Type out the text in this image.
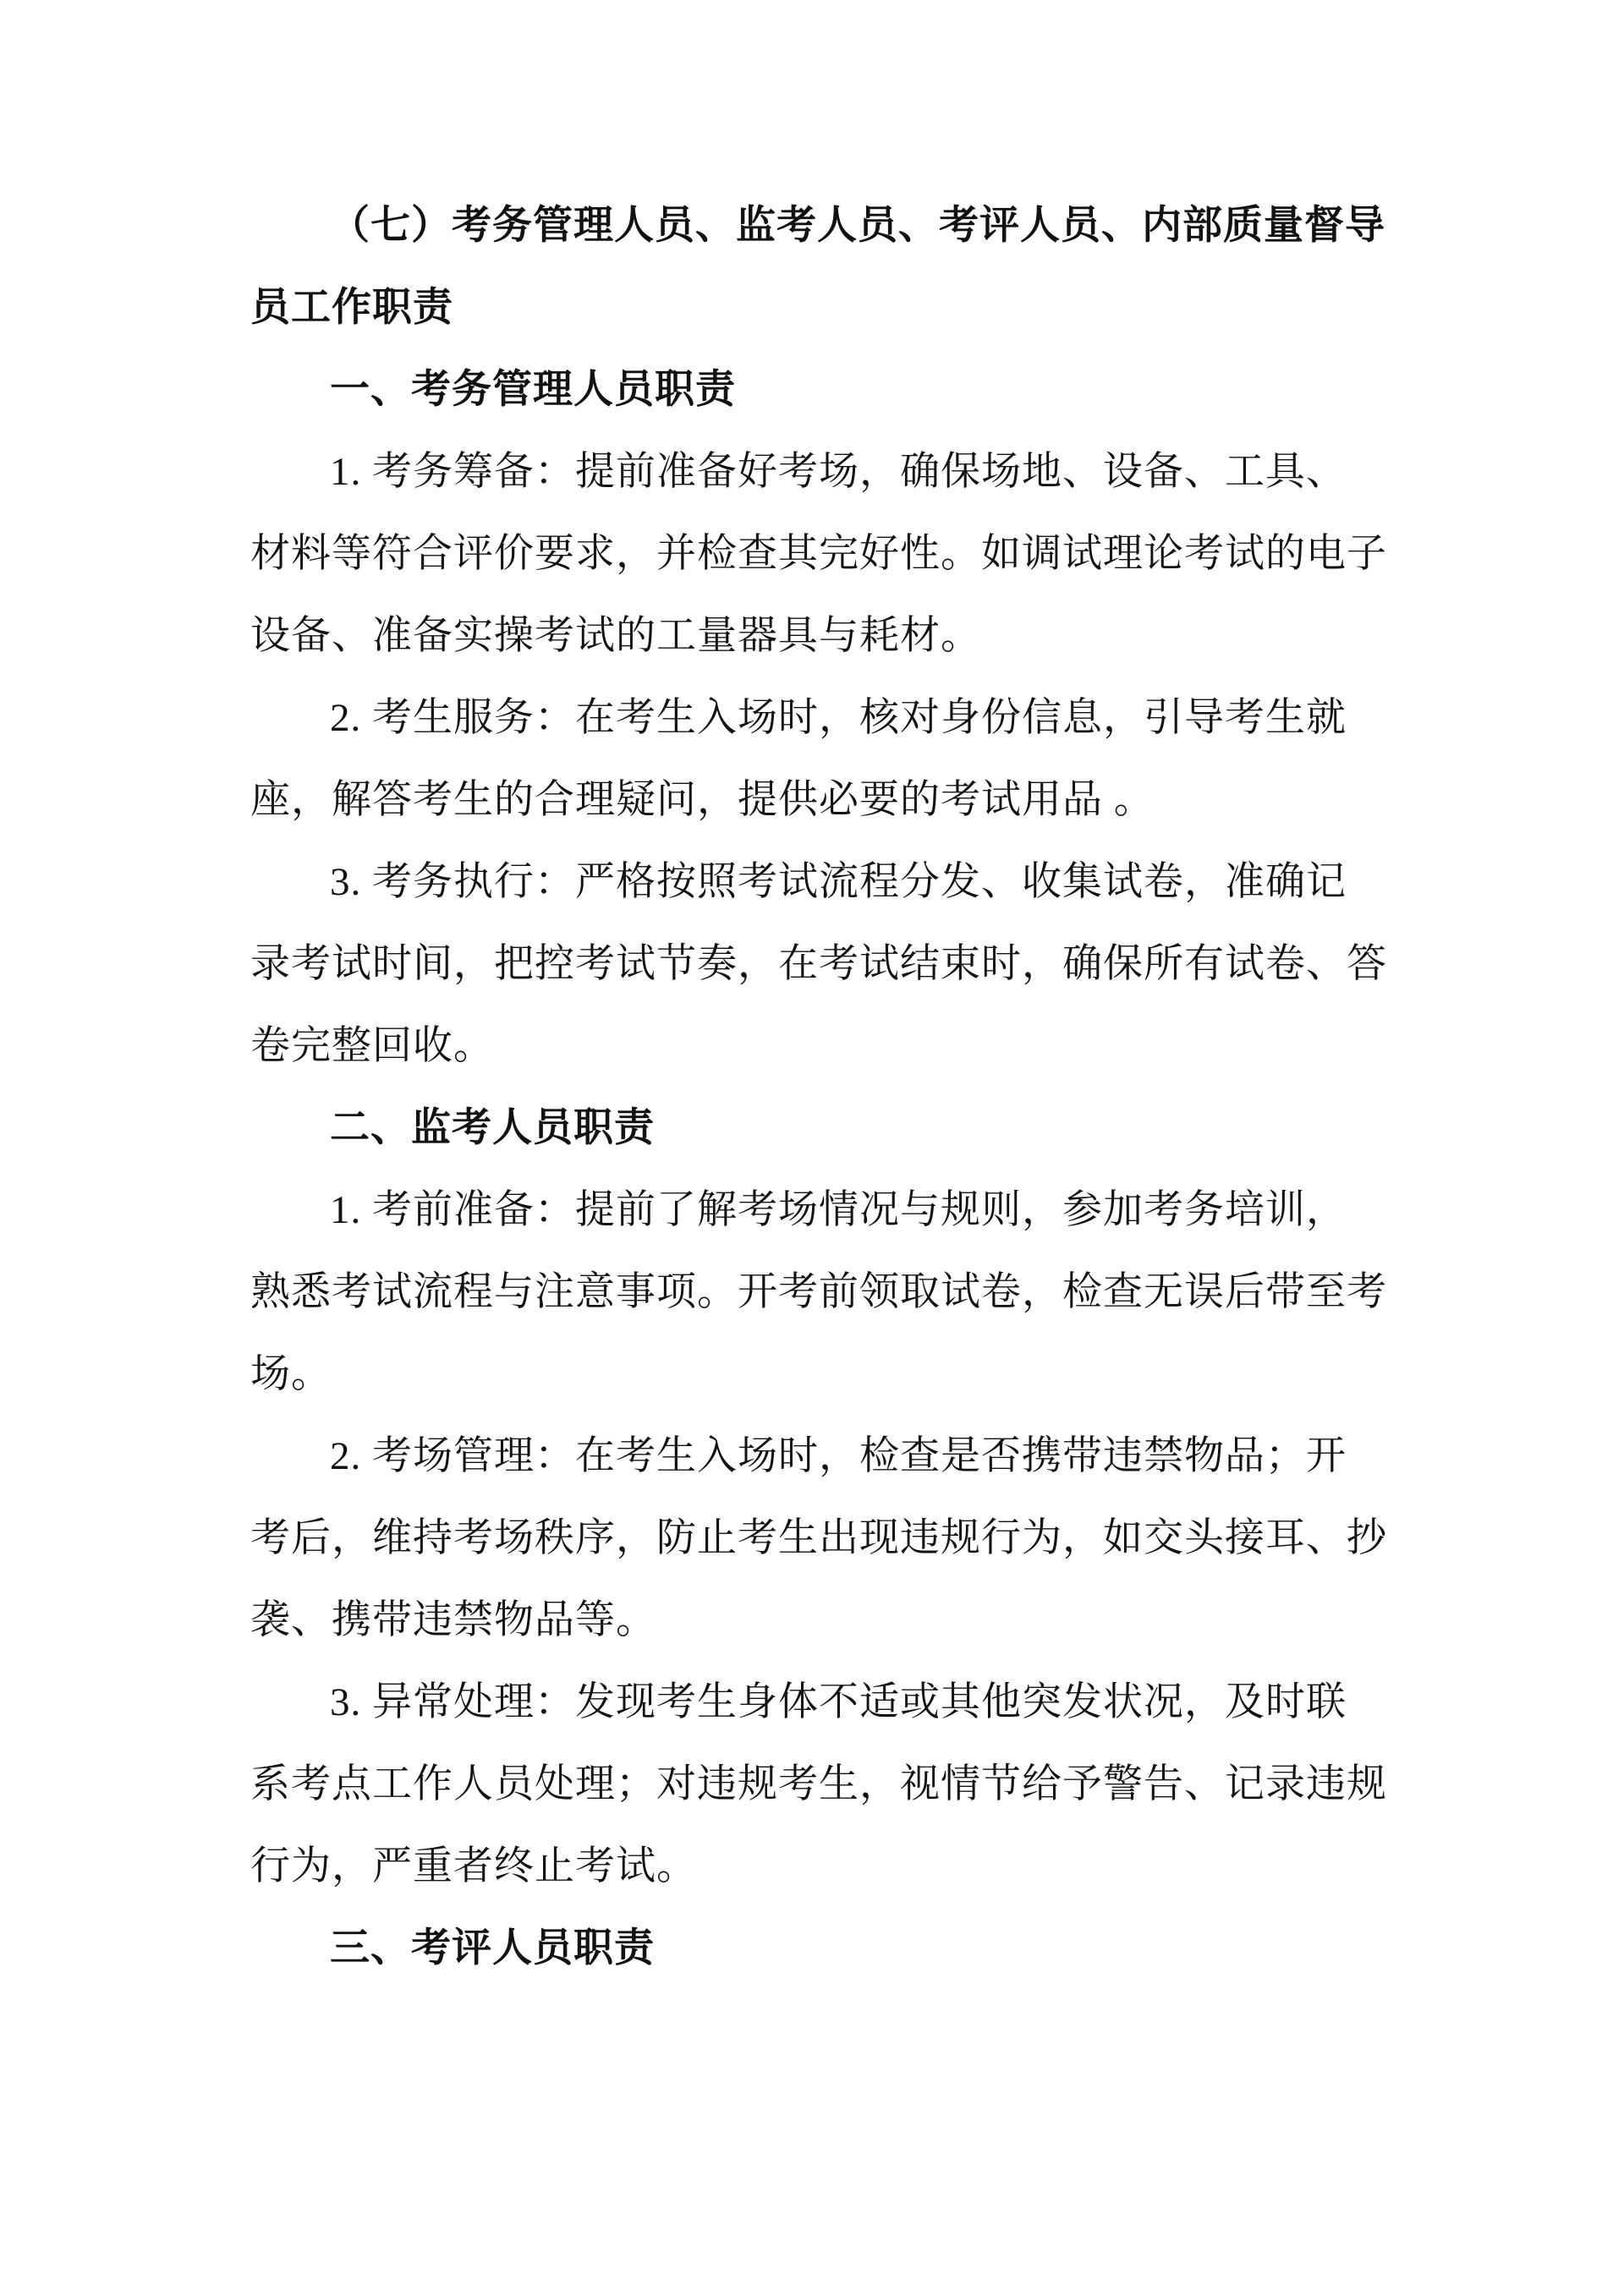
（七）考务管理人员、监考人员、考评人员、内部质量督导
员工作职责
一、考务管理人员职责
1. 考务筹备：提前准备好考场，确保场地、设备、工具、
材料等符合评价要求，并检查其完好性。如调试理论考试的电子
设备、准备实操考试的工量器具与耗材。
2. 考生服务：在考生入场时，核对身份信息，引导考生就
座，解答考生的合理疑问，提供必要的考试用品 。
3. 考务执行：严格按照考试流程分发、收集试卷，准确记
录考试时间，把控考试节奏，在考试结束时，确保所有试卷、答
卷完整回收。
二、监考人员职责
1. 考前准备：提前了解考场情况与规则，参加考务培训，
熟悉考试流程与注意事项。开考前领取试卷，检查无误后带至考
场。
2. 考场管理：在考生入场时，检查是否携带违禁物品；开
考后，维持考场秩序，防止考生出现违规行为，如交头接耳、抄
袭、携带违禁物品等。
3. 异常处理：发现考生身体不适或其他突发状况，及时联
系考点工作人员处理；对违规考生，视情节给予警告、记录违规
行为，严重者终止考试。
三、考评人员职责
